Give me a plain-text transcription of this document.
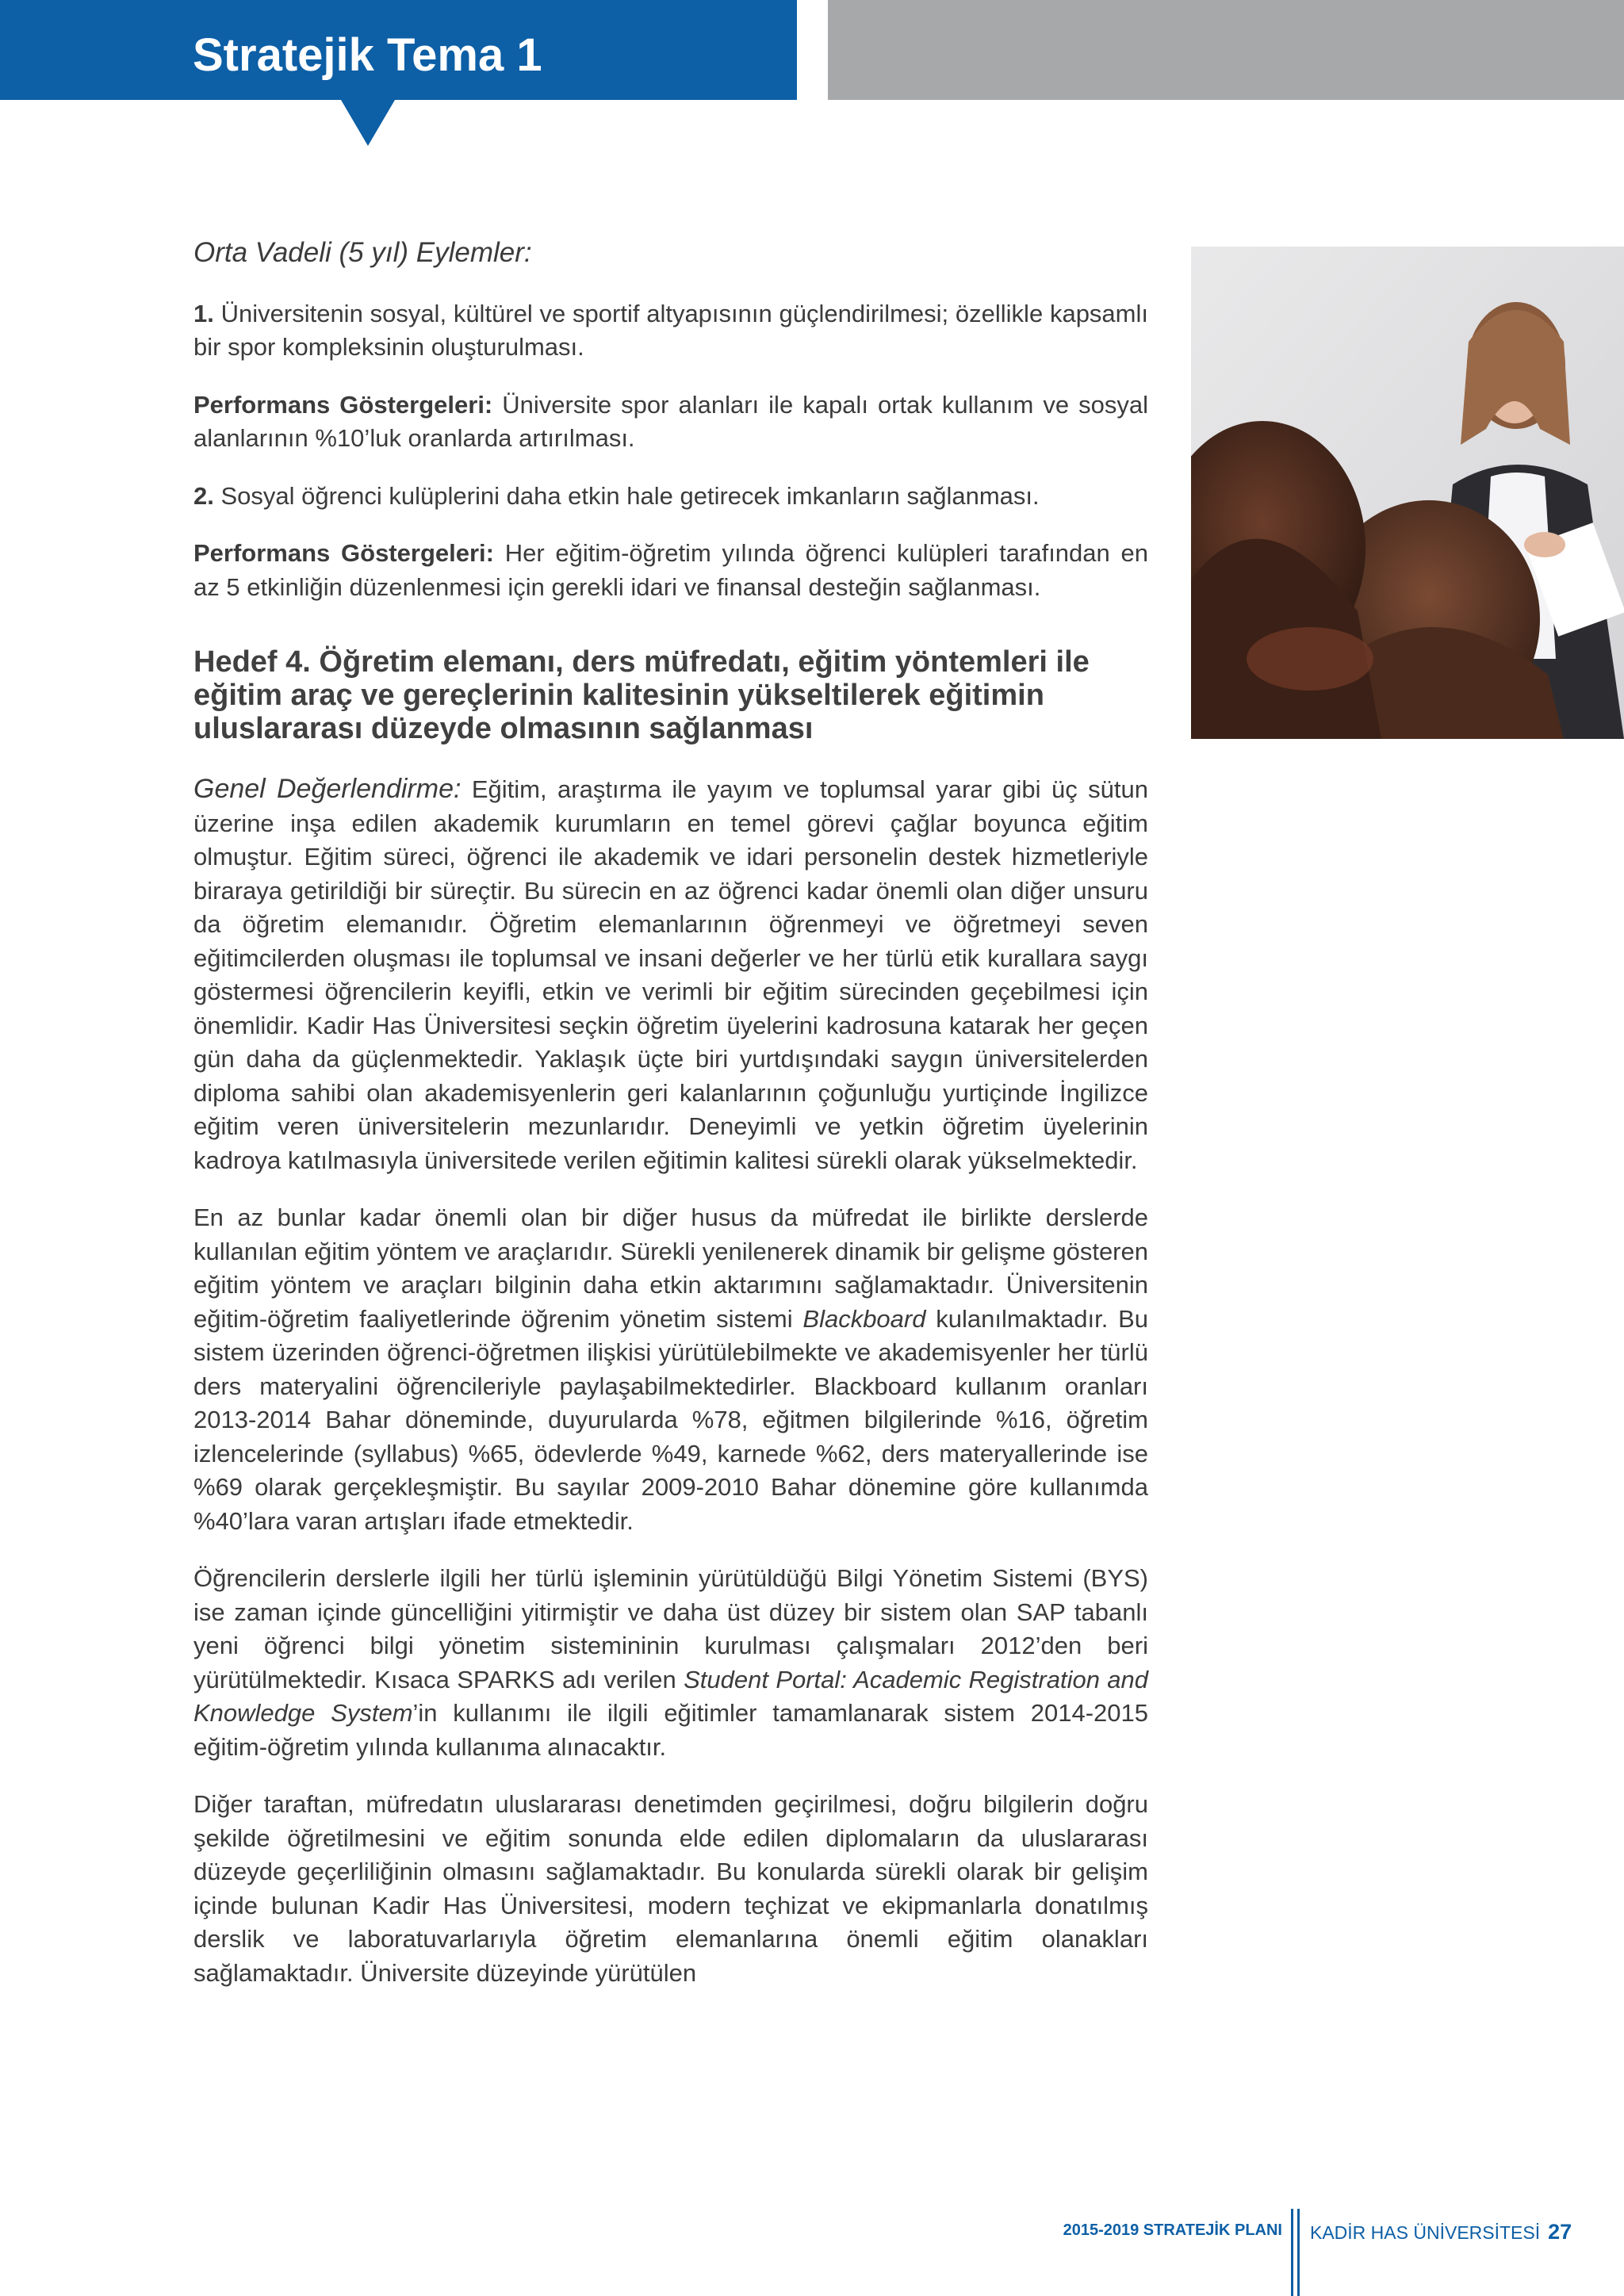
Stratejik Tema 1

Orta Vadeli (5 yıl) Eylemler:

1. Üniversitenin sosyal, kültürel ve sportif altyapısının güçlendirilmesi; özellikle kapsamlı bir spor kompleksinin oluşturulması.

Performans Göstergeleri: Üniversite spor alanları ile kapalı ortak kullanım ve sosyal alanlarının %10’luk oranlarda artırılması.

2. Sosyal öğrenci kulüplerini daha etkin hale getirecek imkanların sağlanması.

Performans Göstergeleri: Her eğitim-öğretim yılında öğrenci kulüpleri tarafından en az 5 etkinliğin düzenlenmesi için gerekli idari ve finansal desteğin sağlanması.

Hedef 4. Öğretim elemanı, ders müfredatı, eğitim yöntemleri ile eğitim araç ve gereçlerinin kalitesinin yükseltilerek eğitimin uluslararası düzeyde olmasının sağlanması

Genel Değerlendirme: Eğitim, araştırma ile yayım ve toplumsal yarar gibi üç sütun üzerine inşa edilen akademik kurumların en temel görevi çağlar boyunca eğitim olmuştur. Eğitim süreci, öğrenci ile akademik ve idari personelin destek hizmetleriyle biraraya getirildiği bir süreçtir. Bu sürecin en az öğrenci kadar önemli olan diğer unsuru da öğretim elemanıdır. Öğretim elemanlarının öğrenmeyi ve öğretmeyi seven eğitimcilerden oluşması ile toplumsal ve insani değerler ve her türlü etik kurallara saygı göstermesi öğrencilerin keyifli, etkin ve verimli bir eğitim sürecinden geçebilmesi için önemlidir. Kadir Has Üniversitesi seçkin öğretim üyelerini kadrosuna katarak her geçen gün daha da güçlenmektedir. Yaklaşık üçte biri yurtdışındaki saygın üniversitelerden diploma sahibi olan akademisyenlerin geri kalanlarının çoğunluğu yurtiçinde İngilizce eğitim veren üniversitelerin mezunlarıdır. Deneyimli ve yetkin öğretim üyelerinin kadroya katılmasıyla üniversitede verilen eğitimin kalitesi sürekli olarak yükselmektedir.

En az bunlar kadar önemli olan bir diğer husus da müfredat ile birlikte derslerde kullanılan eğitim yöntem ve araçlarıdır. Sürekli yenilenerek dinamik bir gelişme gösteren eğitim yöntem ve araçları bilginin daha etkin aktarımını sağlamaktadır. Üniversitenin eğitim-öğretim faaliyetlerinde öğrenim yönetim sistemi Blackboard kulanılmaktadır. Bu sistem üzerinden öğrenci-öğretmen ilişkisi yürütülebilmekte ve akademisyenler her türlü ders materyalini öğrencileriyle paylaşabilmektedirler. Blackboard kullanım oranları 2013-2014 Bahar döneminde, duyurularda %78, eğitmen bilgilerinde %16, öğretim izlencelerinde (syllabus) %65, ödevlerde %49, karnede %62, ders materyallerinde ise %69 olarak gerçekleşmiştir. Bu sayılar 2009-2010 Bahar dönemine göre kullanımda %40’lara varan artışları ifade etmektedir.

Öğrencilerin derslerle ilgili her türlü işleminin yürütüldüğü Bilgi Yönetim Sistemi (BYS) ise zaman içinde güncelliğini yitirmiştir ve daha üst düzey bir sistem olan SAP tabanlı yeni öğrenci bilgi yönetim sistemininin kurulması çalışmaları 2012’den beri yürütülmektedir. Kısaca SPARKS adı verilen Student Portal: Academic Registration and Knowledge System’in kullanımı ile ilgili eğitimler tamamlanarak sistem 2014-2015 eğitim-öğretim yılında kullanıma alınacaktır.

Diğer taraftan, müfredatın uluslararası denetimden geçirilmesi, doğru bilgilerin doğru şekilde öğretilmesini ve eğitim sonunda elde edilen diplomaların da uluslararası düzeyde geçerliliğinin olmasını sağlamaktadır. Bu konularda sürekli olarak bir gelişim içinde bulunan Kadir Has Üniversitesi, modern teçhizat ve ekipmanlarla donatılmış derslik ve laboratuvarlarıyla öğretim elemanlarına önemli eğitim olanakları sağlamaktadır. Üniversite düzeyinde yürütülen

2015-2019 STRATEJİK PLANI KADİR HAS ÜNİVERSİTESİ 27
